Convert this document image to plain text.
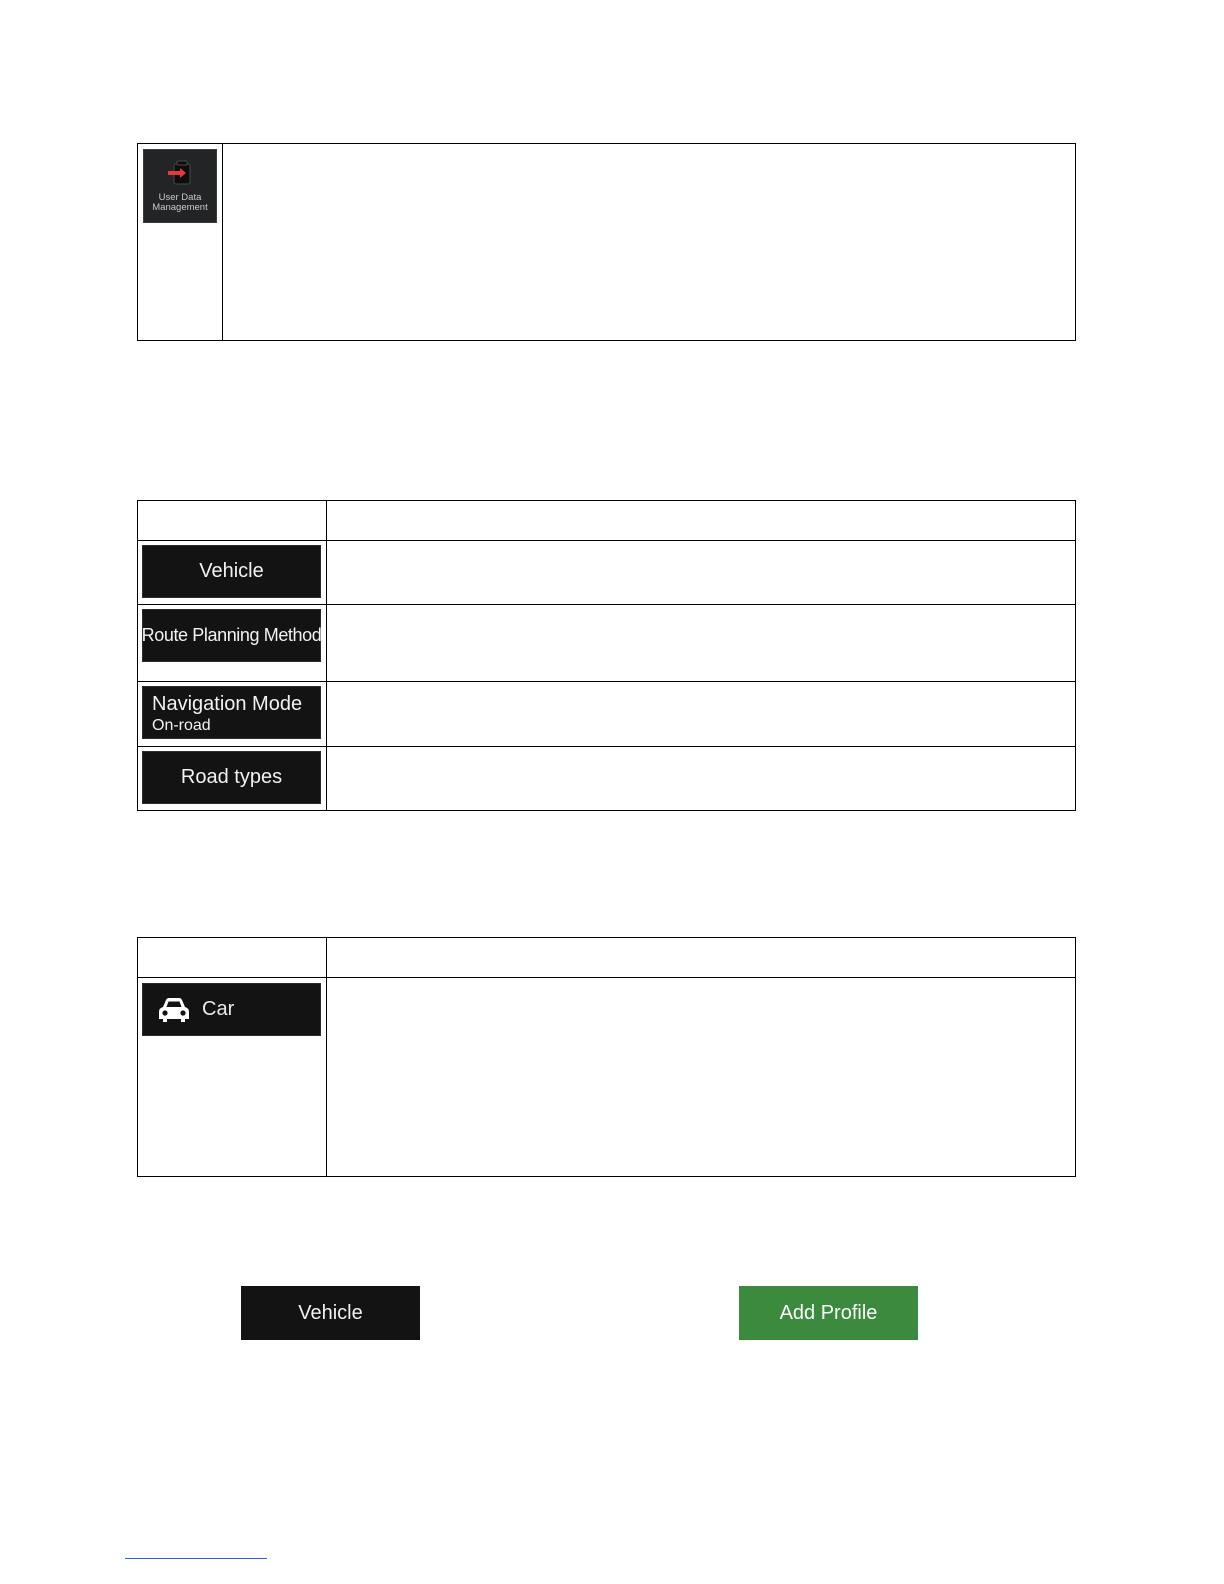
User Data
Management
Vehicle
Route Planning Method
Navigation Mode
On-road
Road types
Car
Vehicle	Add Profile
